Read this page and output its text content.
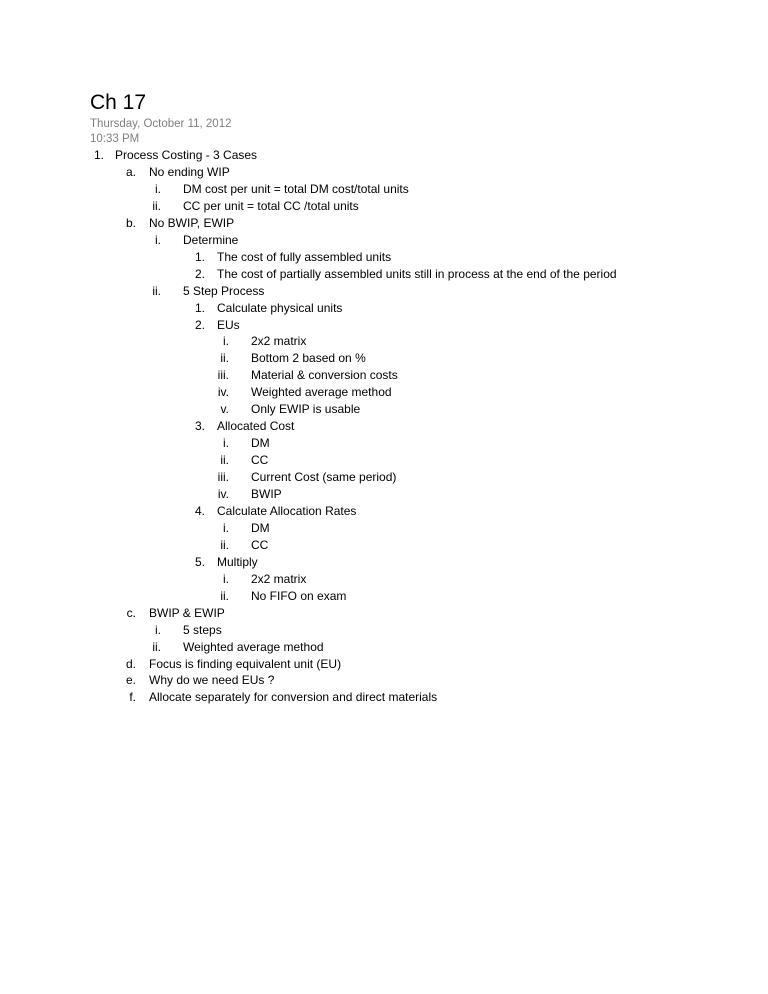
Ch 17
Thursday, October 11, 2012
10:33 PM
1. Process Costing - 3 Cases
a. No ending WIP
i. DM cost per unit = total DM cost/total units
ii. CC per unit = total CC /total units
b. No BWIP, EWIP
i. Determine
1. The cost of fully assembled units
2. The cost of partially assembled units still in process at the end of the period
ii. 5 Step Process
1. Calculate physical units
2. EUs
i. 2x2 matrix
ii. Bottom 2 based on %
iii. Material & conversion costs
iv. Weighted average method
v. Only EWIP is usable
3. Allocated Cost
i. DM
ii. CC
iii. Current Cost (same period)
iv. BWIP
4. Calculate Allocation Rates
i. DM
ii. CC
5. Multiply
i. 2x2 matrix
ii. No FIFO on exam
c. BWIP & EWIP
i. 5 steps
ii. Weighted average method
d. Focus is finding equivalent unit (EU)
e. Why do we need EUs ?
f. Allocate separately for conversion and direct materials
